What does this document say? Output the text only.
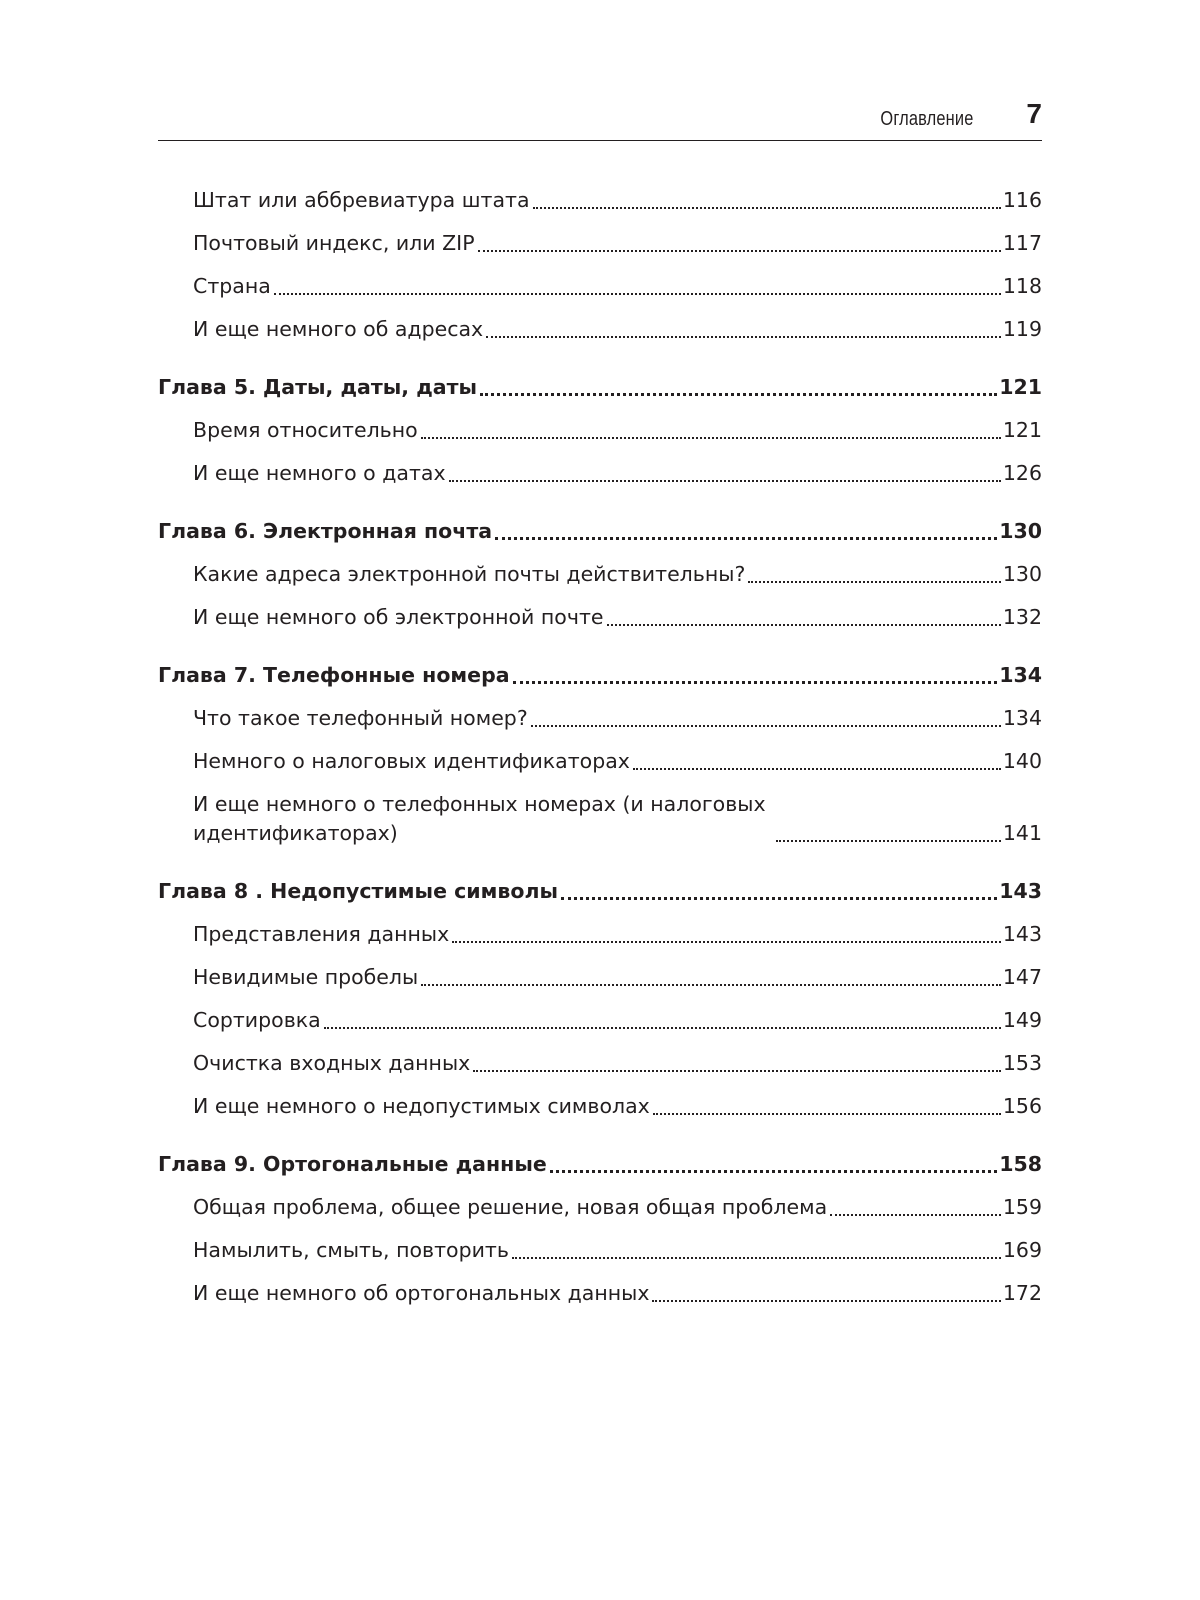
Оглавление 7
Штат или аббревиатура штата	116
Почтовый индекс, или ZIP	117
Страна	118
И еще немного об адресах	119
Глава 5. Даты, даты, даты	121
Время относительно	121
И еще немного о датах	126
Глава 6. Электронная почта	130
Какие адреса электронной почты действительны?	130
И еще немного об электронной почте	132
Глава 7. Телефонные номера	134
Что такое телефонный номер?	134
Немного о налоговых идентификаторах	140
И еще немного о телефонных номерах (и налоговых идентификаторах)	141
Глава 8 . Недопустимые символы	143
Представления данных	143
Невидимые пробелы	147
Сортировка	149
Очистка входных данных	153
И еще немного о недопустимых символах	156
Глава 9. Ортогональные данные	158
Общая проблема, общее решение, новая общая проблема	159
Намылить, смыть, повторить	169
И еще немного об ортогональных данных	172
